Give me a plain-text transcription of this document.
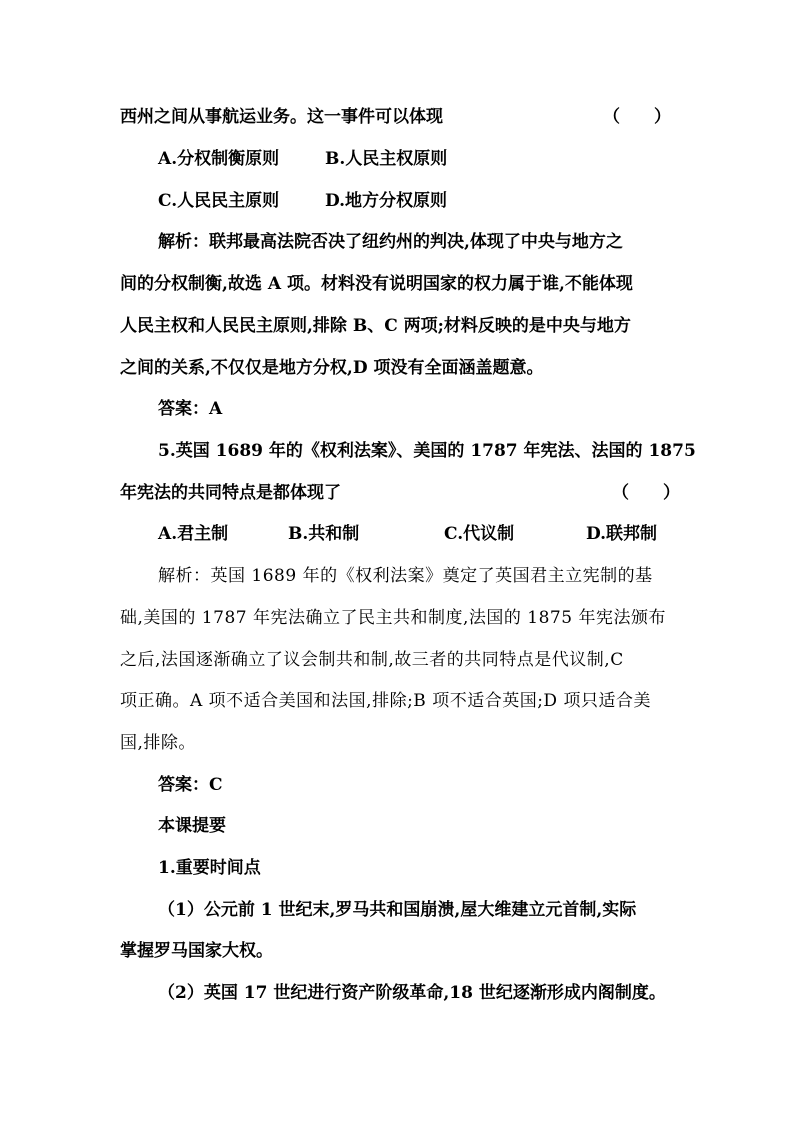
西州之间从事航运业务。这一事件可以体现	（　　）
A.分权制衡原则	B.人民主权原则
C.人民民主原则	D.地方分权原则
解析：联邦最高法院否决了纽约州的判决,体现了中央与地方之
间的分权制衡,故选 A 项。材料没有说明国家的权力属于谁,不能体现
人民主权和人民民主原则,排除 B、C 两项;材料反映的是中央与地方
之间的关系,不仅仅是地方分权,D 项没有全面涵盖题意。
答案：A
5.英国 1689 年的《权利法案》、美国的 1787 年宪法、法国的 1875
年宪法的共同特点是都体现了	（　　）
A.君主制	B.共和制	C.代议制	D.联邦制
解析：英国 1689 年的《权利法案》奠定了英国君主立宪制的基
础,美国的 1787 年宪法确立了民主共和制度,法国的 1875 年宪法颁布
之后,法国逐渐确立了议会制共和制,故三者的共同特点是代议制,C
项正确。A 项不适合美国和法国,排除;B 项不适合英国;D 项只适合美
国,排除。
答案：C
本课提要
1.重要时间点
（1）公元前 1 世纪末,罗马共和国崩溃,屋大维建立元首制,实际
掌握罗马国家大权。
（2）英国 17 世纪进行资产阶级革命,18 世纪逐渐形成内阁制度。
